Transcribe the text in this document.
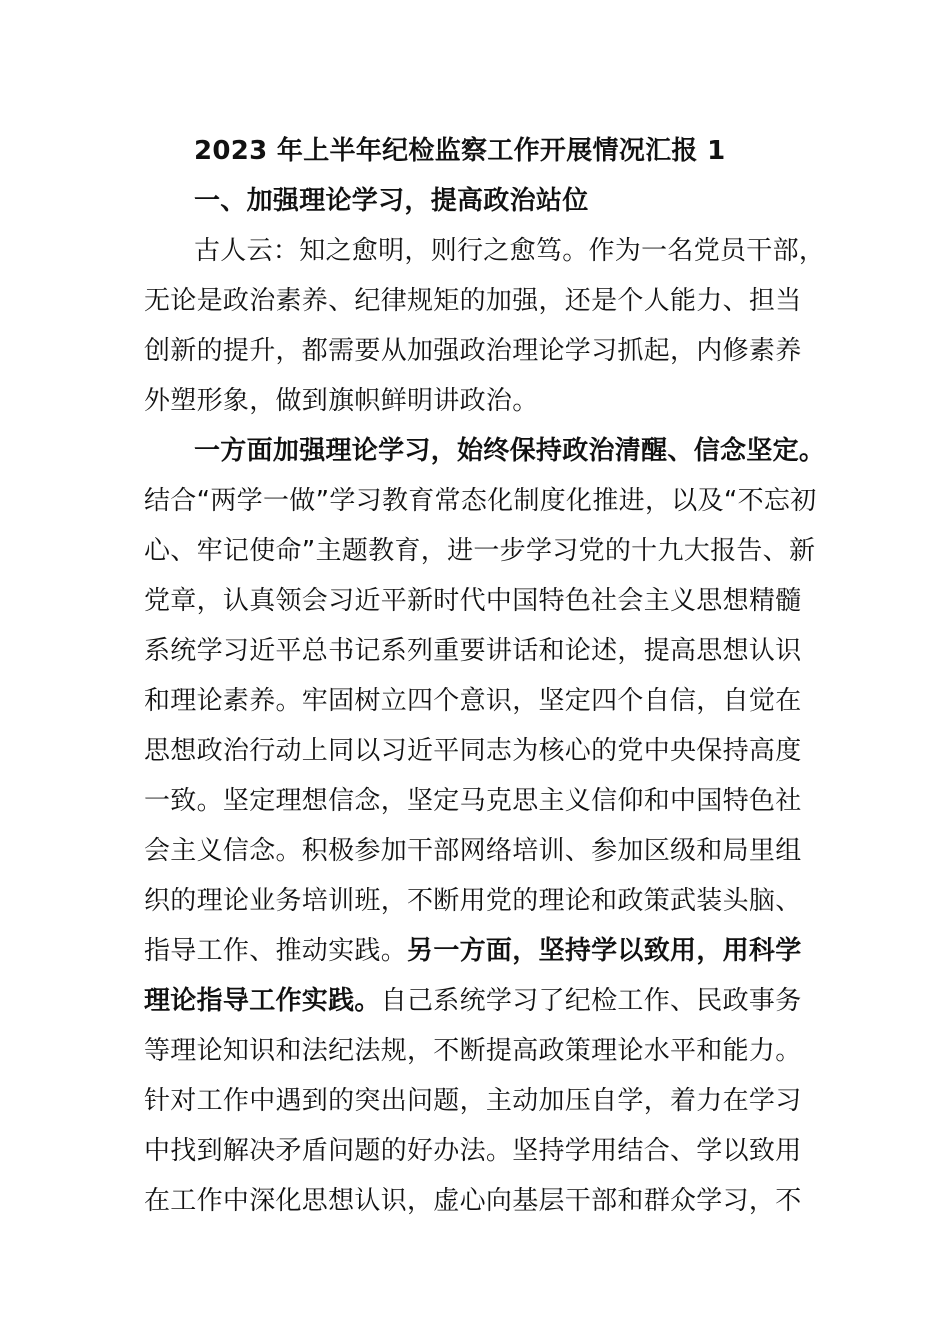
2023 年上半年纪检监察工作开展情况汇报 1
一、加强理论学习，提高政治站位
古人云：知之愈明，则行之愈笃。作为一名党员干部，
无论是政治素养、纪律规矩的加强，还是个人能力、担当
创新的提升，都需要从加强政治理论学习抓起，内修素养
外塑形象，做到旗帜鲜明讲政治。
一方面加强理论学习，始终保持政治清醒、信念坚定。
结合“两学一做”学习教育常态化制度化推进，以及“不忘初
心、牢记使命”主题教育，进一步学习党的十九大报告、新
党章，认真领会习近平新时代中国特色社会主义思想精髓
系统学习近平总书记系列重要讲话和论述，提高思想认识
和理论素养。牢固树立四个意识，坚定四个自信，自觉在
思想政治行动上同以习近平同志为核心的党中央保持高度
一致。坚定理想信念，坚定马克思主义信仰和中国特色社
会主义信念。积极参加干部网络培训、参加区级和局里组
织的理论业务培训班，不断用党的理论和政策武装头脑、
指导工作、推动实践。另一方面，坚持学以致用，用科学
理论指导工作实践。自己系统学习了纪检工作、民政事务
等理论知识和法纪法规，不断提高政策理论水平和能力。
针对工作中遇到的突出问题，主动加压自学，着力在学习
中找到解决矛盾问题的好办法。坚持学用结合、学以致用
在工作中深化思想认识，虚心向基层干部和群众学习，不
